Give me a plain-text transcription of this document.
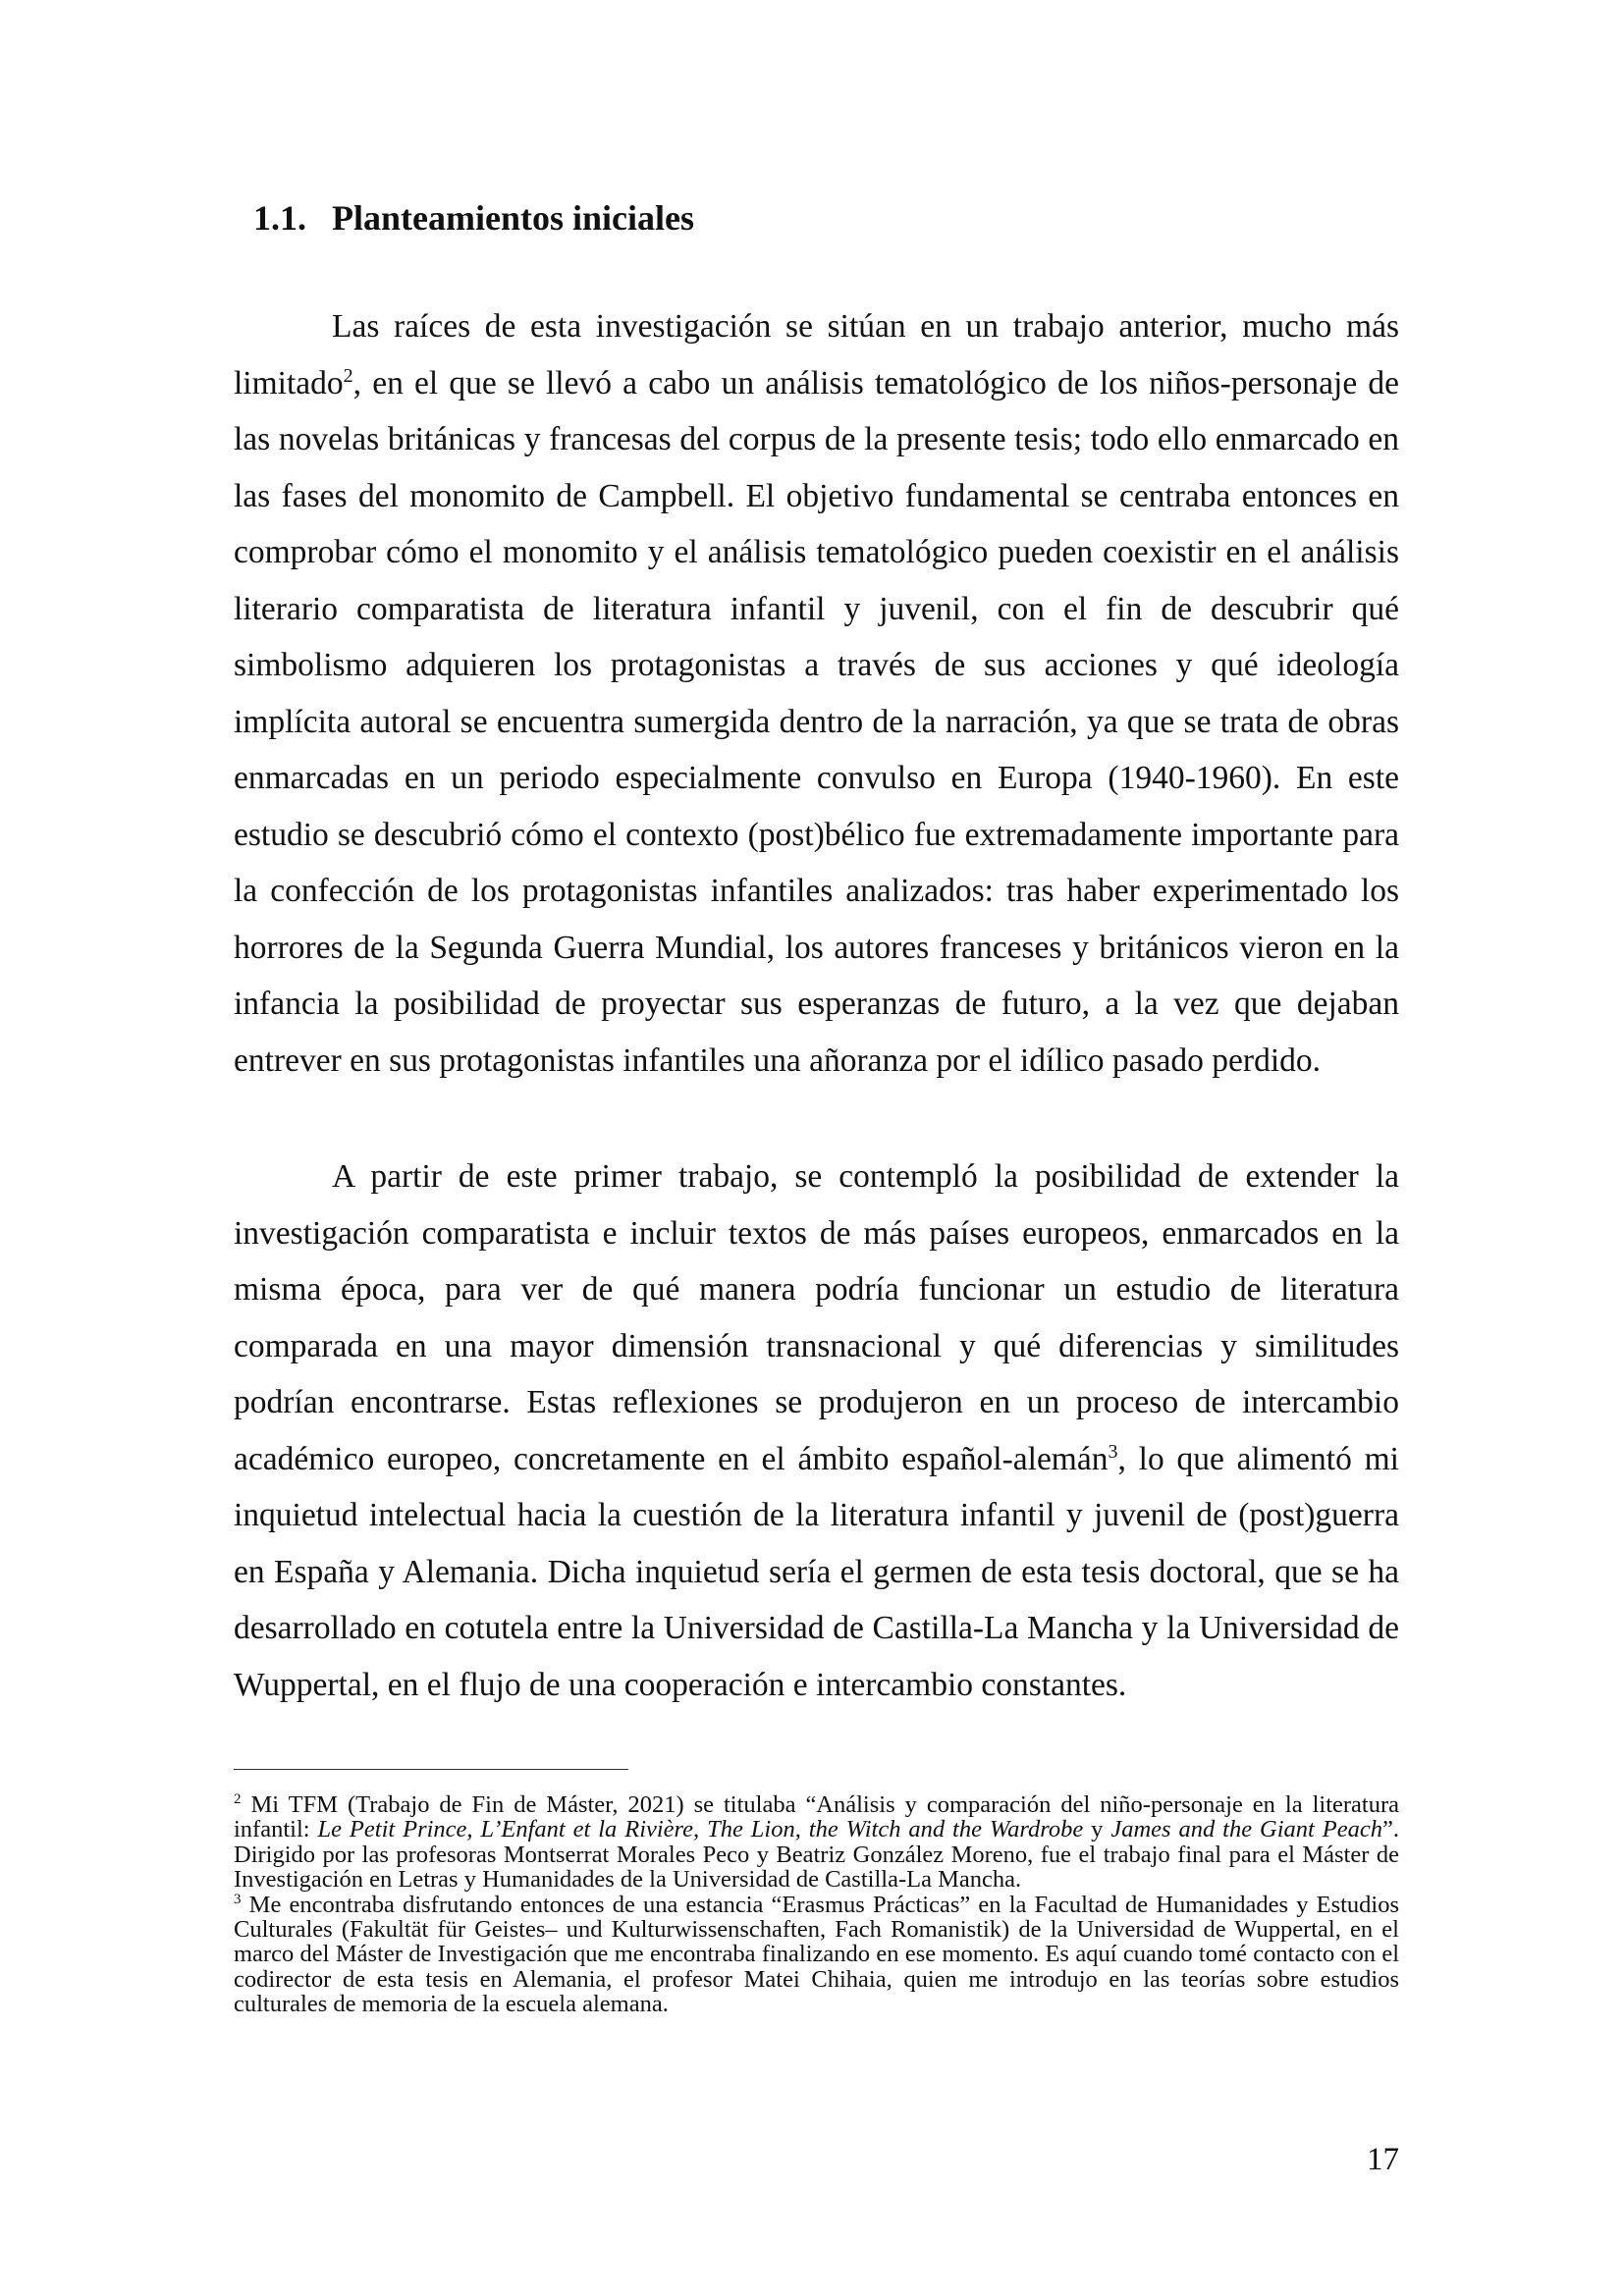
1.1. Planteamientos iniciales

Las raíces de esta investigación se sitúan en un trabajo anterior, mucho más limitado$^2$, en el que se llevó a cabo un análisis tematológico de los niños-personaje de las novelas británicas y francesas del corpus de la presente tesis; todo ello enmarcado en las fases del monomito de Campbell. El objetivo fundamental se centraba entonces en comprobar cómo el monomito y el análisis tematológico pueden coexistir en el análisis literario comparatista de literatura infantil y juvenil, con el fin de descubrir qué simbolismo adquieren los protagonistas a través de sus acciones y qué ideología implícita autoral se encuentra sumergida dentro de la narración, ya que se trata de obras enmarcadas en un periodo especialmente convulso en Europa (1940-1960). En este estudio se descubrió cómo el contexto (post)bélico fue extremadamente importante para la confección de los protagonistas infantiles analizados: tras haber experimentado los horrores de la Segunda Guerra Mundial, los autores franceses y británicos vieron en la infancia la posibilidad de proyectar sus esperanzas de futuro, a la vez que dejaban entrever en sus protagonistas infantiles una añoranza por el idílico pasado perdido.

A partir de este primer trabajo, se contempló la posibilidad de extender la investigación comparatista e incluir textos de más países europeos, enmarcados en la misma época, para ver de qué manera podría funcionar un estudio de literatura comparada en una mayor dimensión transnacional y qué diferencias y similitudes podrían encontrarse. Estas reflexiones se produjeron en un proceso de intercambio académico europeo, concretamente en el ámbito español-alemán$^3$, lo que alimentó mi inquietud intelectual hacia la cuestión de la literatura infantil y juvenil de (post)guerra en España y Alemania. Dicha inquietud sería el germen de esta tesis doctoral, que se ha desarrollado en cotutela entre la Universidad de Castilla-La Mancha y la Universidad de Wuppertal, en el flujo de una cooperación e intercambio constantes.

$^2$ Mi TFM (Trabajo de Fin de Máster, 2021) se titulaba “Análisis y comparación del niño-personaje en la literatura infantil: Le Petit Prince, L’Enfant et la Rivière, The Lion, the Witch and the Wardrobe y James and the Giant Peach”. Dirigido por las profesoras Montserrat Morales Peco y Beatriz González Moreno, fue el trabajo final para el Máster de Investigación en Letras y Humanidades de la Universidad de Castilla-La Mancha.

$^3$ Me encontraba disfrutando entonces de una estancia “Erasmus Prácticas” en la Facultad de Humanidades y Estudios Culturales (Fakultät für Geistes– und Kulturwissenschaften, Fach Romanistik) de la Universidad de Wuppertal, en el marco del Máster de Investigación que me encontraba finalizando en ese momento. Es aquí cuando tomé contacto con el codirector de esta tesis en Alemania, el profesor Matei Chihaia, quien me introdujo en las teorías sobre estudios culturales de memoria de la escuela alemana.

17
